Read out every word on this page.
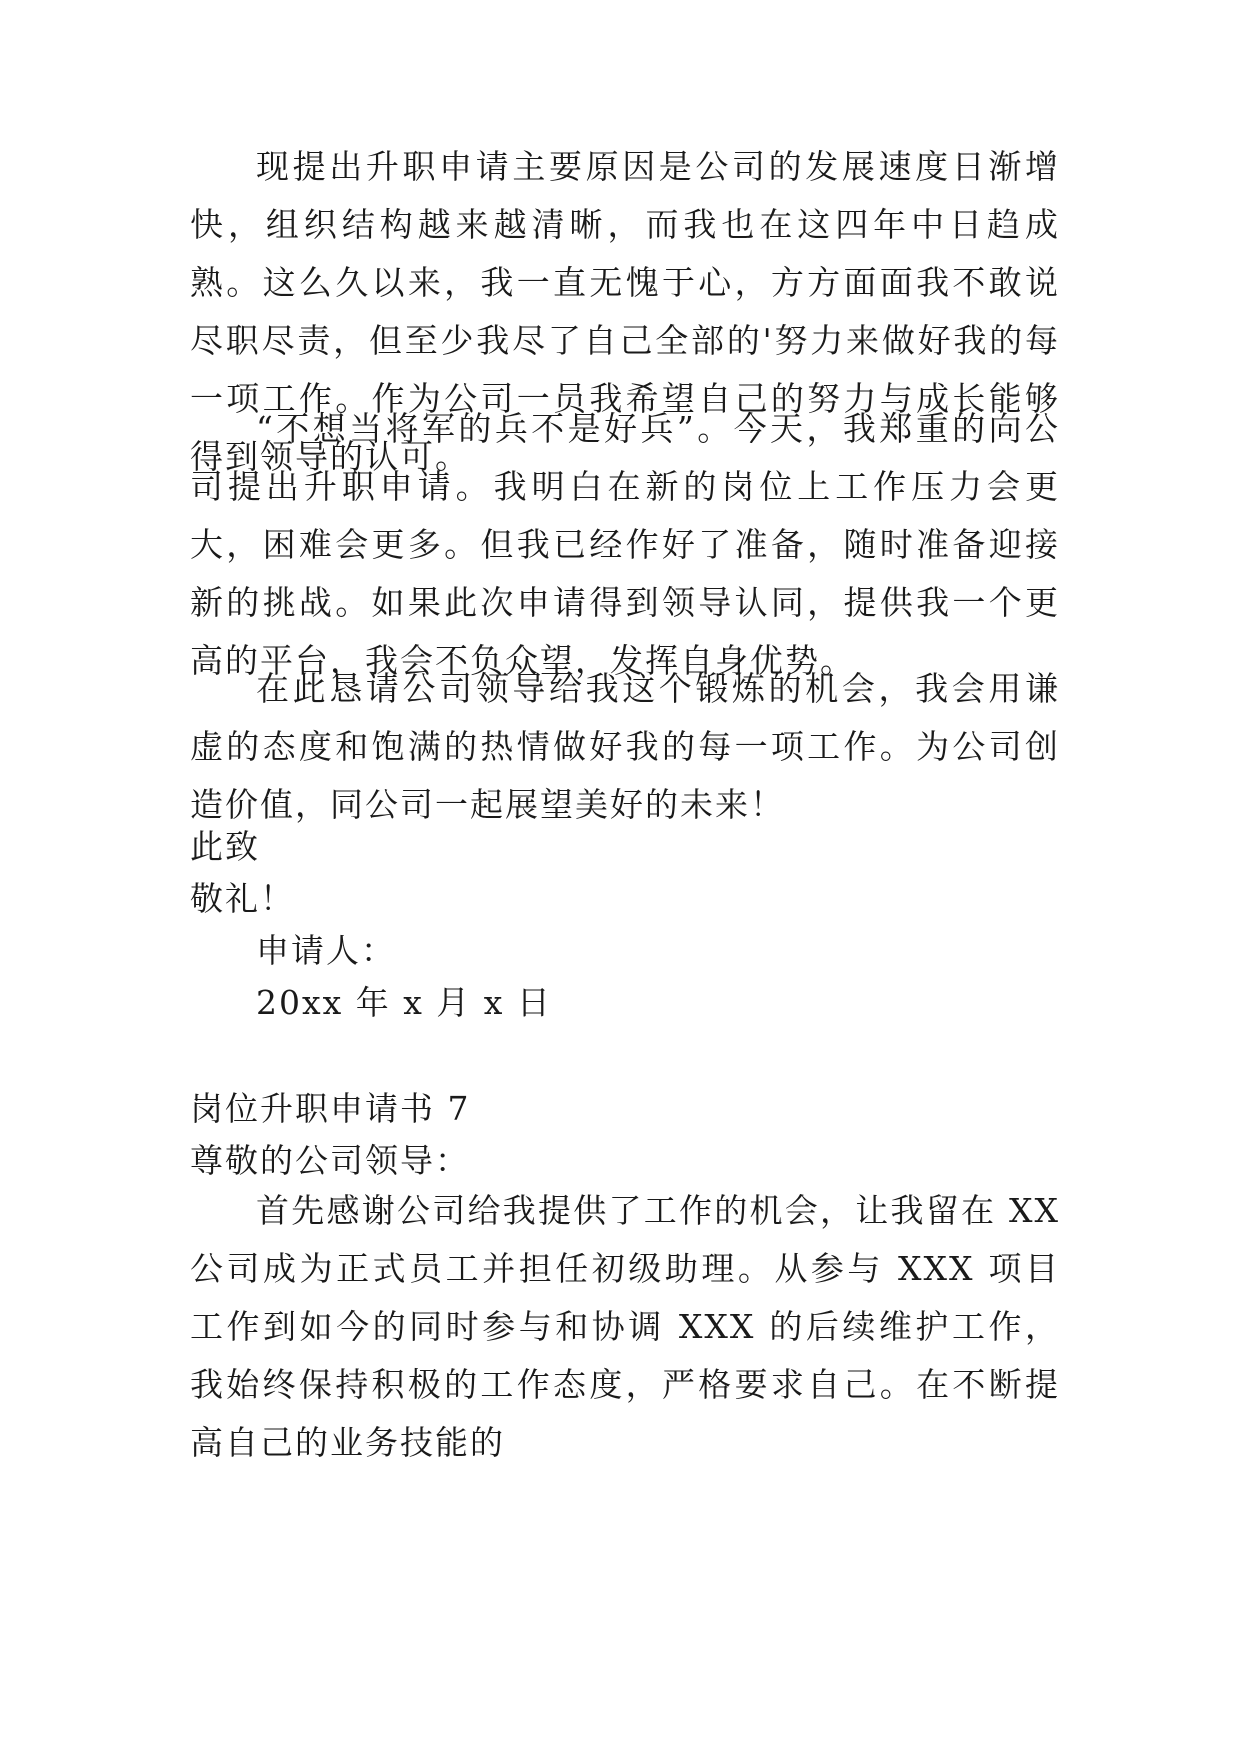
现提出升职申请主要原因是公司的发展速度日渐增快，组织结构越来越清晰，而我也在这四年中日趋成熟。这么久以来，我一直无愧于心，方方面面我不敢说尽职尽责，但至少我尽了自己全部的'努力来做好我的每一项工作。作为公司一员我希望自己的努力与成长能够得到领导的认可。

“不想当将军的兵不是好兵”。今天，我郑重的向公司提出升职申请。我明白在新的岗位上工作压力会更大，困难会更多。但我已经作好了准备，随时准备迎接新的挑战。如果此次申请得到领导认同，提供我一个更高的平台，我会不负众望，发挥自身优势。

在此恳请公司领导给我这个锻炼的机会，我会用谦虚的态度和饱满的热情做好我的每一项工作。为公司创造价值，同公司一起展望美好的未来！

此致
敬礼！
申请人：
20xx 年 x 月 x 日
岗位升职申请书 7
尊敬的公司领导：

首先感谢公司给我提供了工作的机会，让我留在 XX 公司成为正式员工并担任初级助理。从参与 XXX 项目工作到如今的同时参与和协调 XXX 的后续维护工作，我始终保持积极的工作态度，严格要求自己。在不断提高自己的业务技能的
